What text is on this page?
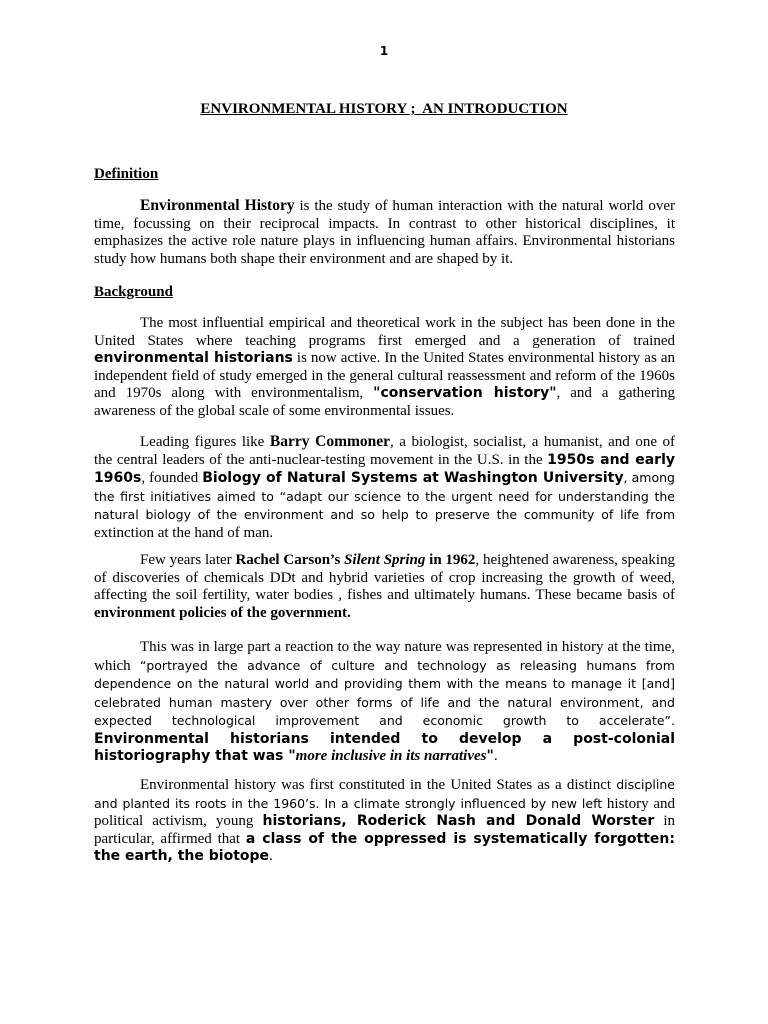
1
ENVIRONMENTAL HISTORY ;  AN INTRODUCTION
Definition

Environmental History is the study of human interaction with the natural world over time, focussing on their reciprocal impacts. In contrast to other historical disciplines, it emphasizes the active role nature plays in influencing human affairs. Environmental historians study how humans both shape their environment and are shaped by it.

Background

The most influential empirical and theoretical work in the subject has been done in the United States where teaching programs first emerged and a generation of trained environmental historians is now active. In the United States environmental history as an independent field of study emerged in the general cultural reassessment and reform of the 1960s and 1970s along with environmentalism, "conservation history", and a gathering awareness of the global scale of some environmental issues.

Leading figures like Barry Commoner, a biologist, socialist, a humanist, and one of the central leaders of the anti-nuclear-testing movement in the U.S. in the 1950s and early 1960s, founded Biology of Natural Systems at Washington University, among the first initiatives aimed to “adapt our science to the urgent need for understanding the natural biology of the environment and so help to preserve the community of life from extinction at the hand of man.

Few years later Rachel Carson’s Silent Spring in 1962, heightened awareness, speaking of discoveries of chemicals DDt and hybrid varieties of crop increasing the growth of weed, affecting the soil fertility, water bodies , fishes and ultimately humans. These became basis of environment policies of the government.

This was in large part a reaction to the way nature was represented in history at the time, which “portrayed the advance of culture and technology as releasing humans from dependence on the natural world and providing them with the means to manage it [and] celebrated human mastery over other forms of life and the natural environment, and expected technological improvement and economic growth to accelerate”. Environmental historians intended to develop a post-colonial historiography that was "more inclusive in its narratives".

Environmental history was first constituted in the United States as a distinct discipline and planted its roots in the 1960’s. In a climate strongly influenced by new left history and political activism, young historians, Roderick Nash and Donald Worster in particular, affirmed that a class of the oppressed is systematically forgotten: the earth, the biotope.
